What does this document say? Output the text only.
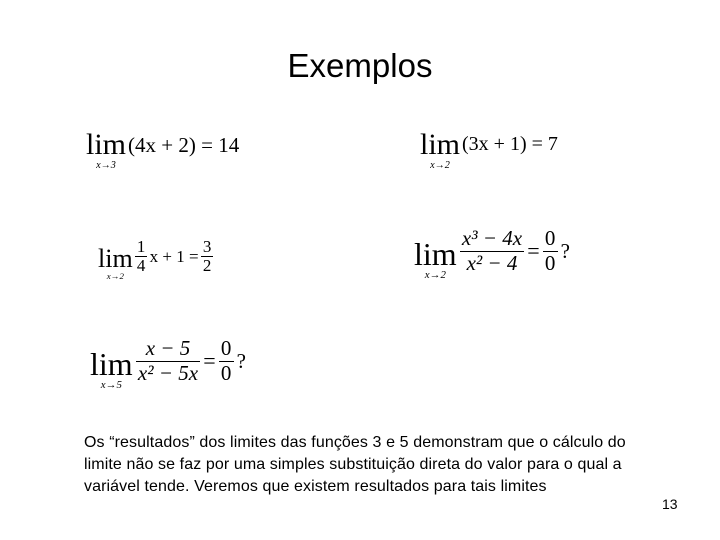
Exemplos
lim
x→3
(4x + 2) = 14	lim
x→2
(3x + 1) = 7
lim
x→2
$\frac{1}{4}$ $x + 1 = \frac{3}{2}$	lim
x→2
$\frac{\text{x³ − 4x}}{\text{x² − 4}} = \frac{0}{0}$ ?
lim
x→5
$\frac{x - 5}{\text{x² − 5x}} = \frac{0}{0}$ ?
Os “resultados” dos limites das funções 3 e 5 demonstram que o cálculo do limite não se faz por uma simples substituição direta do valor para o qual a variável tende. Veremos que existem resultados para tais limites
13
